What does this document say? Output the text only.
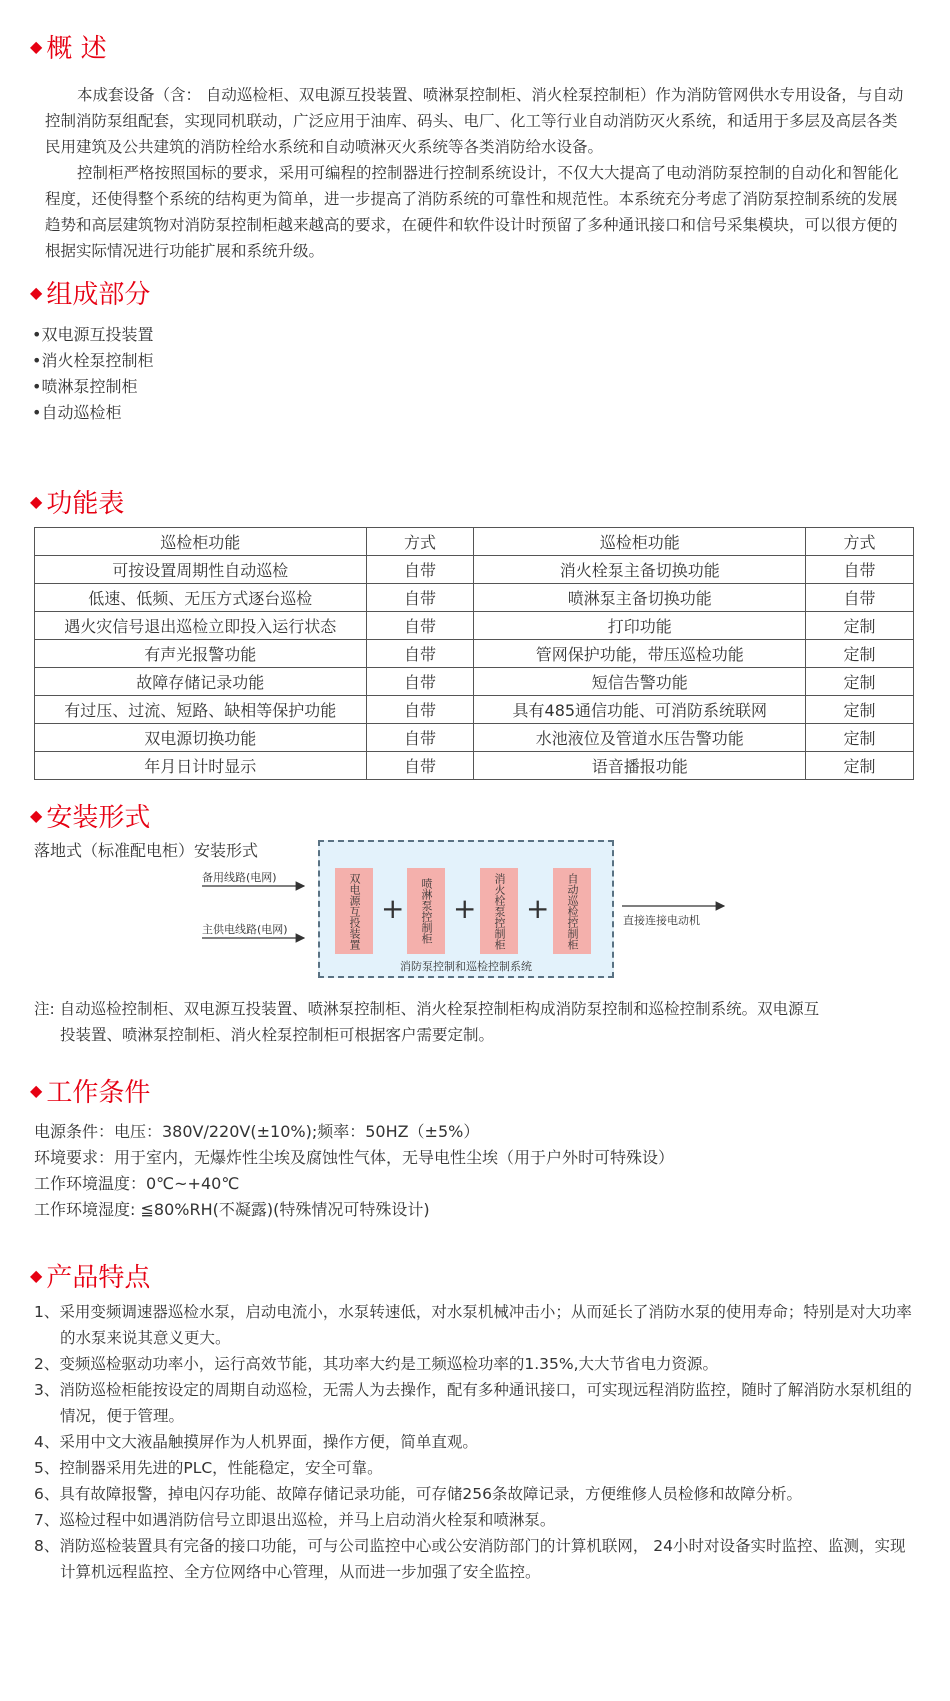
◆ 概 述

本成套设备（含： 自动巡检柜、双电源互投装置、喷淋泵控制柜、消火栓泵控制柜）作为消防管网供水专用设备，与自动控制消防泵组配套，实现同机联动，广泛应用于油库、码头、电厂、化工等行业自动消防灭火系统，和适用于多层及高层各类民用建筑及公共建筑的消防栓给水系统和自动喷淋灭火系统等各类消防给水设备。

控制柜严格按照国标的要求，采用可编程的控制器进行控制系统设计，不仅大大提高了电动消防泵控制的自动化和智能化程度，还使得整个系统的结构更为简单，进一步提高了消防系统的可靠性和规范性。本系统充分考虑了消防泵控制系统的发展趋势和高层建筑物对消防泵控制柜越来越高的要求，在硬件和软件设计时预留了多种通讯接口和信号采集模块，可以很方便的根据实际情况进行功能扩展和系统升级。

◆ 组成部分
•双电源互投装置
•消火栓泵控制柜
•喷淋泵控制柜
•自动巡检柜
◆ 功能表
巡检柜功能	方式	巡检柜功能	方式
可按设置周期性自动巡检	自带	消火栓泵主备切换功能	自带
低速、低频、无压方式逐台巡检	自带	喷淋泵主备切换功能	自带
遇火灾信号退出巡检立即投入运行状态	自带	打印功能	定制
有声光报警功能	自带	管网保护功能，带压巡检功能	定制
故障存储记录功能	自带	短信告警功能	定制
有过压、过流、短路、缺相等保护功能	自带	具有485通信功能、可消防系统联网	定制
双电源切换功能	自带	水池液位及管道水压告警功能	定制
年月日计时显示	自带	语音播报功能	定制
◆ 安装形式
落地式（标准配电柜）安装形式
备用线路(电网)
主供电线路(电网)	双电源互投装置 + 喷淋泵控制柜 + 消火栓泵控制柜 + 自动巡检控制柜
消防泵控制和巡检控制系统
直接连接电动机
注: 自动巡检控制柜、双电源互投装置、喷淋泵控制柜、消火栓泵控制柜构成消防泵控制和巡检控制系统。双电源互
投装置、喷淋泵控制柜、消火栓泵控制柜可根据客户需要定制。
◆ 工作条件
电源条件：电压：380V/220V(±10%);频率：50HZ（±5%）
环境要求：用于室内，无爆炸性尘埃及腐蚀性气体，无导电性尘埃（用于户外时可特殊设）
工作环境温度：0℃~+40℃
工作环境湿度: ≦80%RH(不凝露)(特殊情况可特殊设计)
◆ 产品特点
1、采用变频调速器巡检水泵，启动电流小，水泵转速低，对水泵机械冲击小；从而延长了消防水泵的使用寿命；特别是对大功率的水泵来说其意义更大。
2、变频巡检驱动功率小，运行高效节能，其功率大约是工频巡检功率的1.35%,大大节省电力资源。
3、消防巡检柜能按设定的周期自动巡检，无需人为去操作，配有多种通讯接口，可实现远程消防监控，随时了解消防水泵机组的情况，便于管理。
4、采用中文大液晶触摸屏作为人机界面，操作方便，简单直观。
5、控制器采用先进的PLC，性能稳定，安全可靠。
6、具有故障报警，掉电闪存功能、故障存储记录功能，可存储256条故障记录，方便维修人员检修和故障分析。
7、巡检过程中如遇消防信号立即退出巡检，并马上启动消火栓泵和喷淋泵。
8、消防巡检装置具有完备的接口功能，可与公司监控中心或公安消防部门的计算机联网， 24小时对设备实时监控、监测，实现计算机远程监控、全方位网络中心管理，从而进一步加强了安全监控。
